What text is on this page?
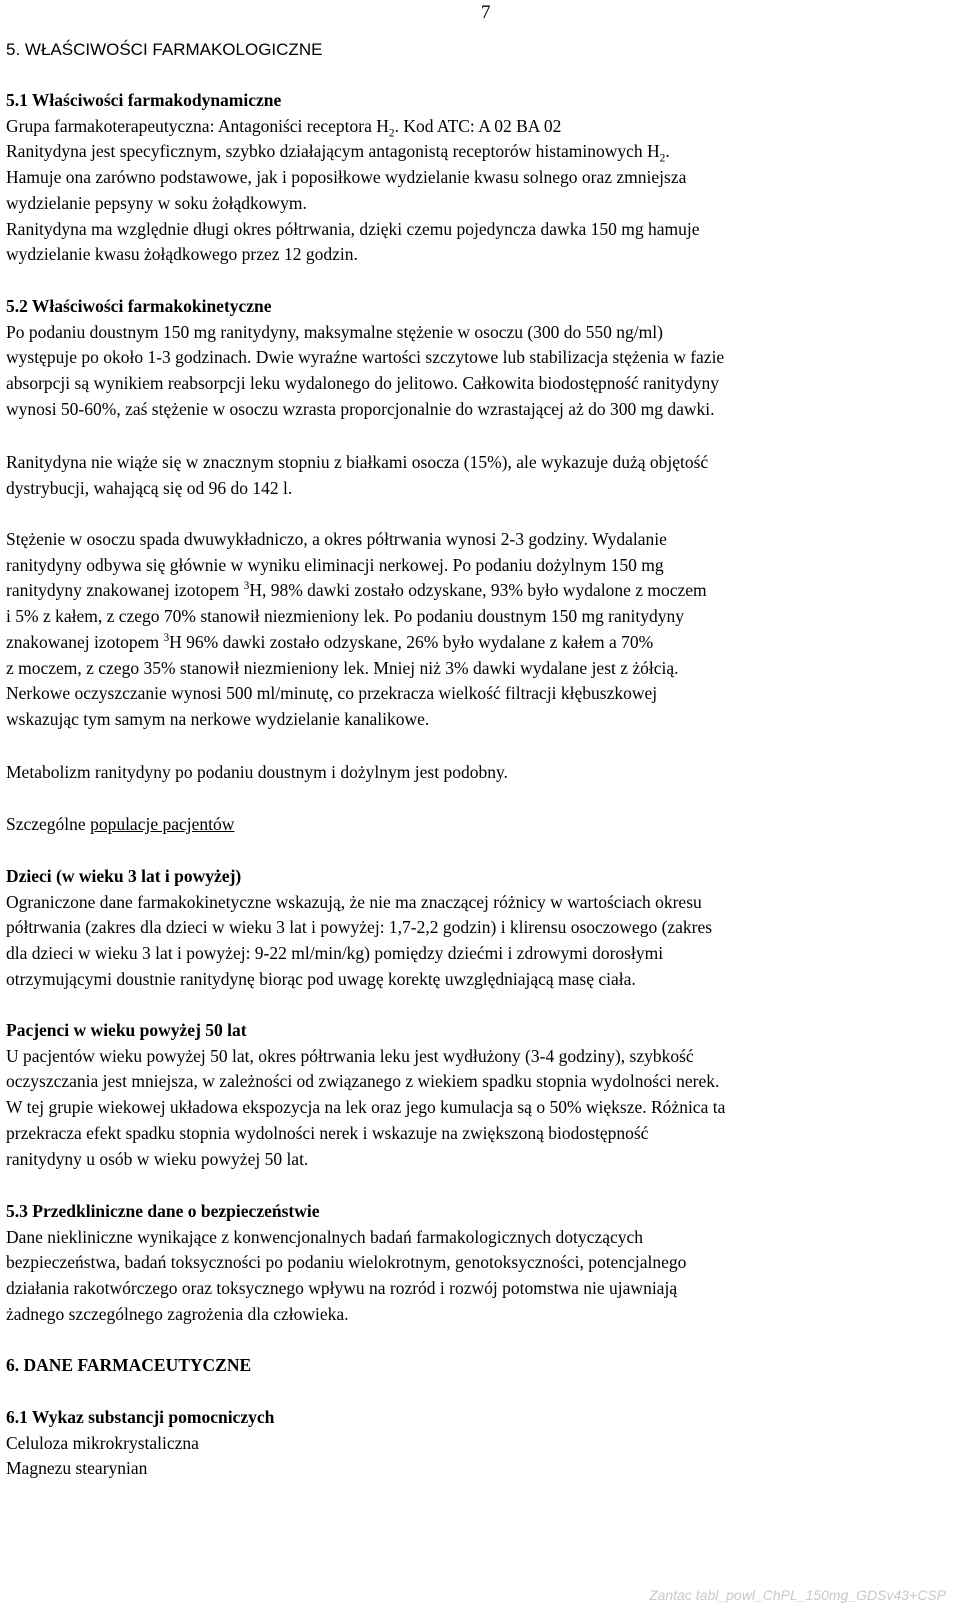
7
5. WŁAŚCIWOŚCI FARMAKOLOGICZNE
5.1 Właściwości farmakodynamiczne
Grupa farmakoterapeutyczna: Antagoniści receptora $H_2$. Kod ATC: A 02 BA 02
Ranitydyna jest specyficznym, szybko działającym antagonistą receptorów histaminowych $H_2$.
Hamuje ona zarówno podstawowe, jak i poposiłkowe wydzielanie kwasu solnego oraz zmniejsza
wydzielanie pepsyny w soku żołądkowym.
Ranitydyna ma względnie długi okres półtrwania, dzięki czemu pojedyncza dawka 150 mg hamuje
wydzielanie kwasu żołądkowego przez 12 godzin.
5.2 Właściwości farmakokinetyczne
Po podaniu doustnym 150 mg ranitydyny, maksymalne stężenie w osoczu (300 do 550 ng/ml)
występuje po około 1-3 godzinach. Dwie wyraźne wartości szczytowe lub stabilizacja stężenia w fazie
absorpcji są wynikiem reabsorpcji leku wydalonego do jelitowo. Całkowita biodostępność ranitydyny
wynosi 50-60%, zaś stężenie w osoczu wzrasta proporcjonalnie do wzrastającej aż do 300 mg dawki.
Ranitydyna nie wiąże się w znacznym stopniu z białkami osocza (15%), ale wykazuje dużą objętość
dystrybucji, wahającą się od 96 do 142 l.
Stężenie w osoczu spada dwuwykładniczo, a okres półtrwania wynosi 2-3 godziny. Wydalanie
ranitydyny odbywa się głównie w wyniku eliminacji nerkowej. Po podaniu dożylnym 150 mg
ranitydyny znakowanej izotopem $^3$H, 98% dawki zostało odzyskane, 93% było wydalone z moczem
i 5% z kałem, z czego 70% stanowił niezmieniony lek. Po podaniu doustnym 150 mg ranitydyny
znakowanej izotopem $^3$H 96% dawki zostało odzyskane, 26% było wydalane z kałem a 70%
z moczem, z czego 35% stanowił niezmieniony lek. Mniej niż 3% dawki wydalane jest z żółcią.
Nerkowe oczyszczanie wynosi 500 ml/minutę, co przekracza wielkość filtracji kłębuszkowej
wskazując tym samym na nerkowe wydzielanie kanalikowe.
Metabolizm ranitydyny po podaniu doustnym i dożylnym jest podobny.
Szczególne populacje pacjentów
Dzieci (w wieku 3 lat i powyżej)
Ograniczone dane farmakokinetyczne wskazują, że nie ma znaczącej różnicy w wartościach okresu
półtrwania (zakres dla dzieci w wieku 3 lat i powyżej: 1,7-2,2 godzin) i klirensu osoczowego (zakres
dla dzieci w wieku 3 lat i powyżej: 9-22 ml/min/kg) pomiędzy dziećmi i zdrowymi dorosłymi
otrzymującymi doustnie ranitydynę biorąc pod uwagę korektę uwzględniającą masę ciała.
Pacjenci w wieku powyżej 50 lat
U pacjentów wieku powyżej 50 lat, okres półtrwania leku jest wydłużony (3-4 godziny), szybkość
oczyszczania jest mniejsza, w zależności od związanego z wiekiem spadku stopnia wydolności nerek.
W tej grupie wiekowej układowa ekspozycja na lek oraz jego kumulacja są o 50% większe. Różnica ta
przekracza efekt spadku stopnia wydolności nerek i wskazuje na zwiększoną biodostępność
ranitydyny u osób w wieku powyżej 50 lat.
5.3 Przedkliniczne dane o bezpieczeństwie
Dane niekliniczne wynikające z konwencjonalnych badań farmakologicznych dotyczących
bezpieczeństwa, badań toksyczności po podaniu wielokrotnym, genotoksyczności, potencjalnego
działania rakotwórczego oraz toksycznego wpływu na rozród i rozwój potomstwa nie ujawniają
żadnego szczególnego zagrożenia dla człowieka.
6. DANE FARMACEUTYCZNE
6.1 Wykaz substancji pomocniczych
Celuloza mikrokrystaliczna
Magnezu stearynian
Zantac tabl_powl_ChPL_150mg_GDSv43+CSP
